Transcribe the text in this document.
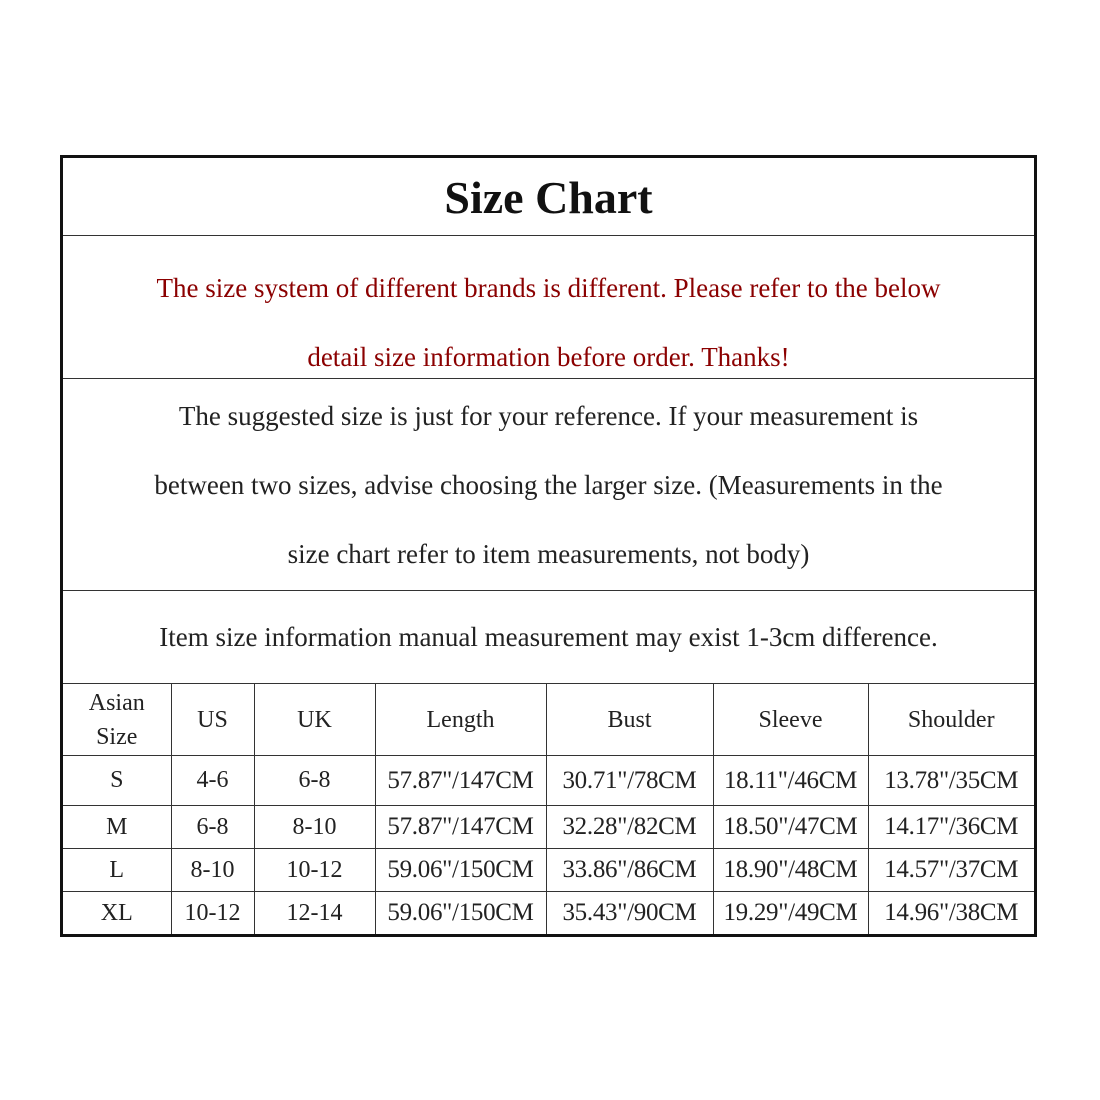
Size Chart
The size system of different brands is different. Please refer to the below
detail size information before order. Thanks!
The suggested size is just for your reference. If your measurement is
between two sizes, advise choosing the larger size. (Measurements in the
size chart refer to item measurements, not body)
Item size information manual measurement may exist 1-3cm difference.
Asian
Size	US	UK	Length	Bust	Sleeve	Shoulder
S	4-6	6-8	57.87"/147CM	30.71"/78CM	18.11"/46CM	13.78"/35CM
M	6-8	8-10	57.87"/147CM	32.28"/82CM	18.50"/47CM	14.17"/36CM
L	8-10	10-12	59.06"/150CM	33.86"/86CM	18.90"/48CM	14.57"/37CM
XL	10-12	12-14	59.06"/150CM	35.43"/90CM	19.29"/49CM	14.96"/38CM
